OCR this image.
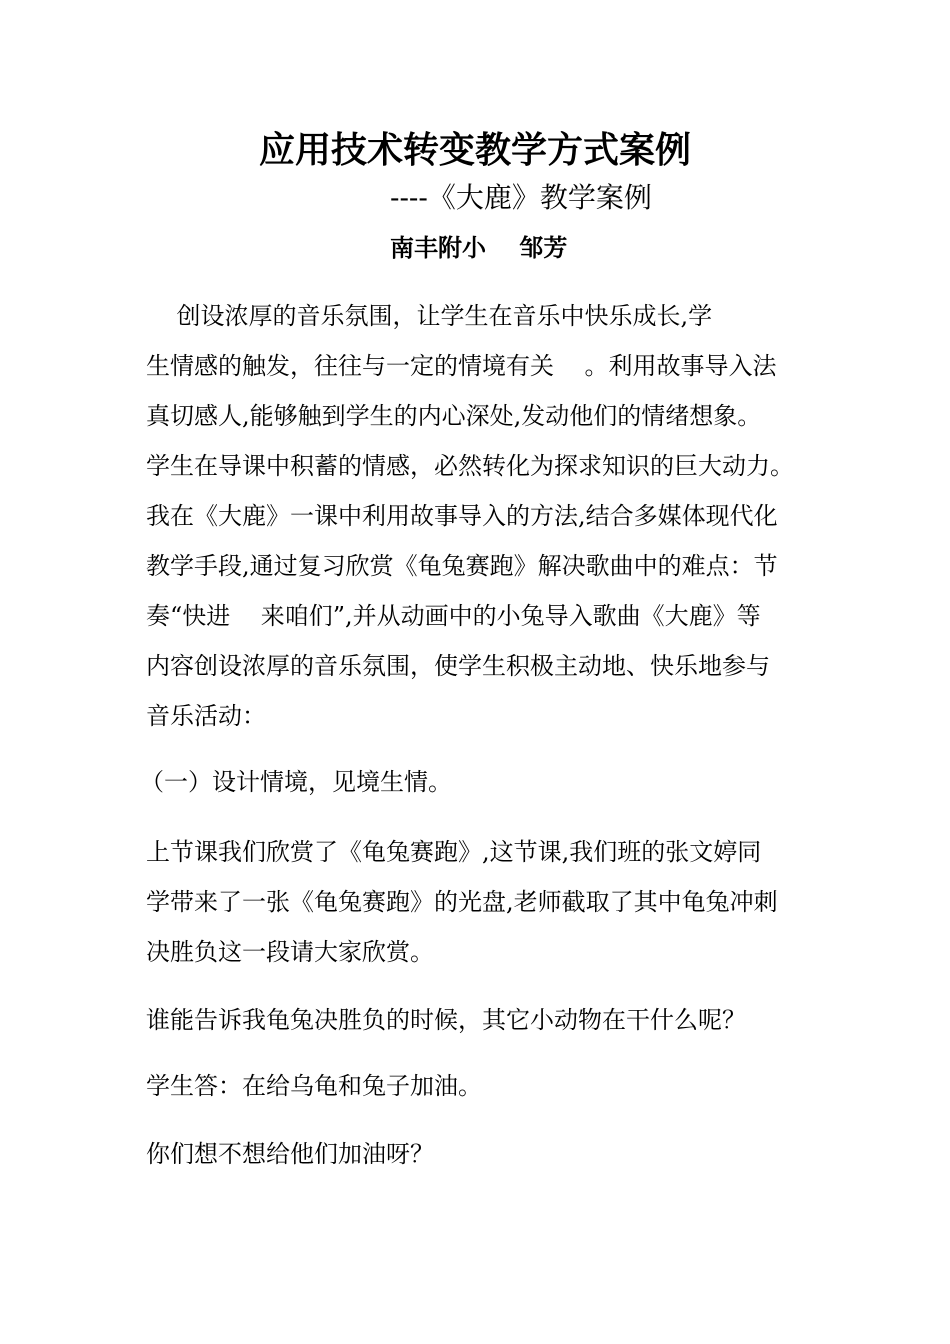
应用技术转变教学方式案例
----《大鹿》教学案例
南丰附小    邹芳
创设浓厚的音乐氛围，让学生在音乐中快乐成长,学
生情感的触发，往往与一定的情境有关    。利用故事导入法
真切感人,能够触到学生的内心深处,发动他们的情绪想象。
学生在导课中积蓄的情感，必然转化为探求知识的巨大动力。
我在《大鹿》一课中利用故事导入的方法,结合多媒体现代化
教学手段,通过复习欣赏《龟兔赛跑》解决歌曲中的难点：节
奏“快进    来咱们”,并从动画中的小兔导入歌曲《大鹿》等
内容创设浓厚的音乐氛围，使学生积极主动地、快乐地参与
音乐活动：
（一）设计情境，见境生情。
上节课我们欣赏了《龟兔赛跑》,这节课,我们班的张文婷同
学带来了一张《龟兔赛跑》的光盘,老师截取了其中龟兔冲刺
决胜负这一段请大家欣赏。
谁能告诉我龟兔决胜负的时候，其它小动物在干什么呢？
学生答：在给乌龟和兔子加油。
你们想不想给他们加油呀？
